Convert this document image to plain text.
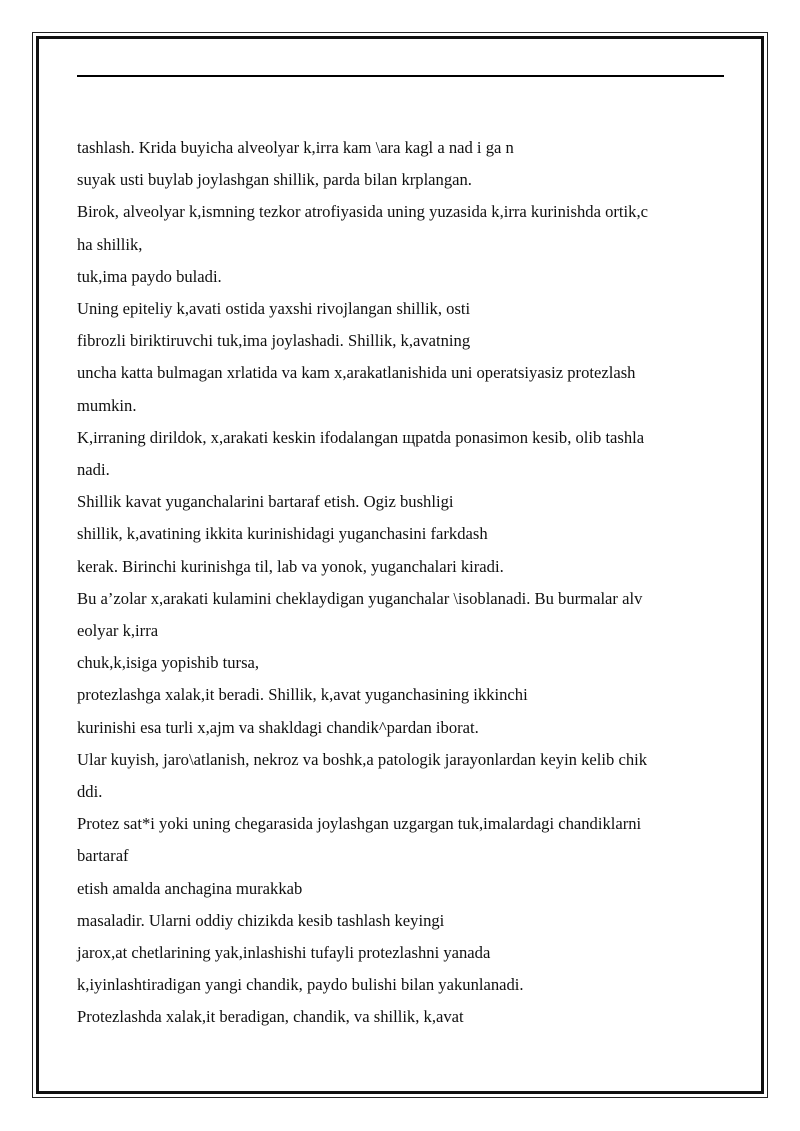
tashlash. Krida buyicha alveolyar k,irra kam \ara kagl a nad i ga n
suyak usti buylab joylashgan shillik, parda bilan krplangan.
Birok, alveolyar k,ismning tezkor atrofiyasida uning yuzasida k,irra kurinishda ortik,c
ha shillik,
tuk,ima paydo buladi.
Uning epiteliy k,avati ostida yaxshi rivojlangan shillik, osti
fibrozli biriktiruvchi tuk,ima joylashadi. Shillik, k,avatning
uncha katta bulmagan xrlatida va kam x,arakatlanishida uni operatsiyasiz protezlash
mumkin.
K,irraning dirildok, x,arakati keskin ifodalangan щpatda ponasimon kesib, olib tashla
nadi.
Shillik kavat yuganchalarini bartaraf etish. Ogiz bushligi
shillik, k,avatining ikkita kurinishidagi yuganchasini farkdash
kerak. Birinchi kurinishga til, lab va yonok, yuganchalari kiradi.
Bu a’zolar x,arakati kulamini cheklaydigan yuganchalar \isoblanadi. Bu burmalar alv
eolyar k,irra
chuk,k,isiga yopishib tursa,
protezlashga xalak,it beradi. Shillik, k,avat yuganchasining ikkinchi
kurinishi esa turli x,ajm va shakldagi chandik^pardan iborat.
Ular kuyish, jaro\atlanish, nekroz va boshk,a patologik jarayonlardan keyin kelib chik
ddi.
Protez sat*i yoki uning chegarasida joylashgan uzgargan tuk,imalardagi chandiklarni
bartaraf
etish amalda anchagina murakkab
masaladir. Ularni oddiy chizikda kesib tashlash keyingi
jarox,at chetlarining yak,inlashishi tufayli protezlashni yanada
k,iyinlashtiradigan yangi chandik, paydo bulishi bilan yakunlanadi.
Protezlashda xalak,it beradigan, chandik, va shillik, k,avat
